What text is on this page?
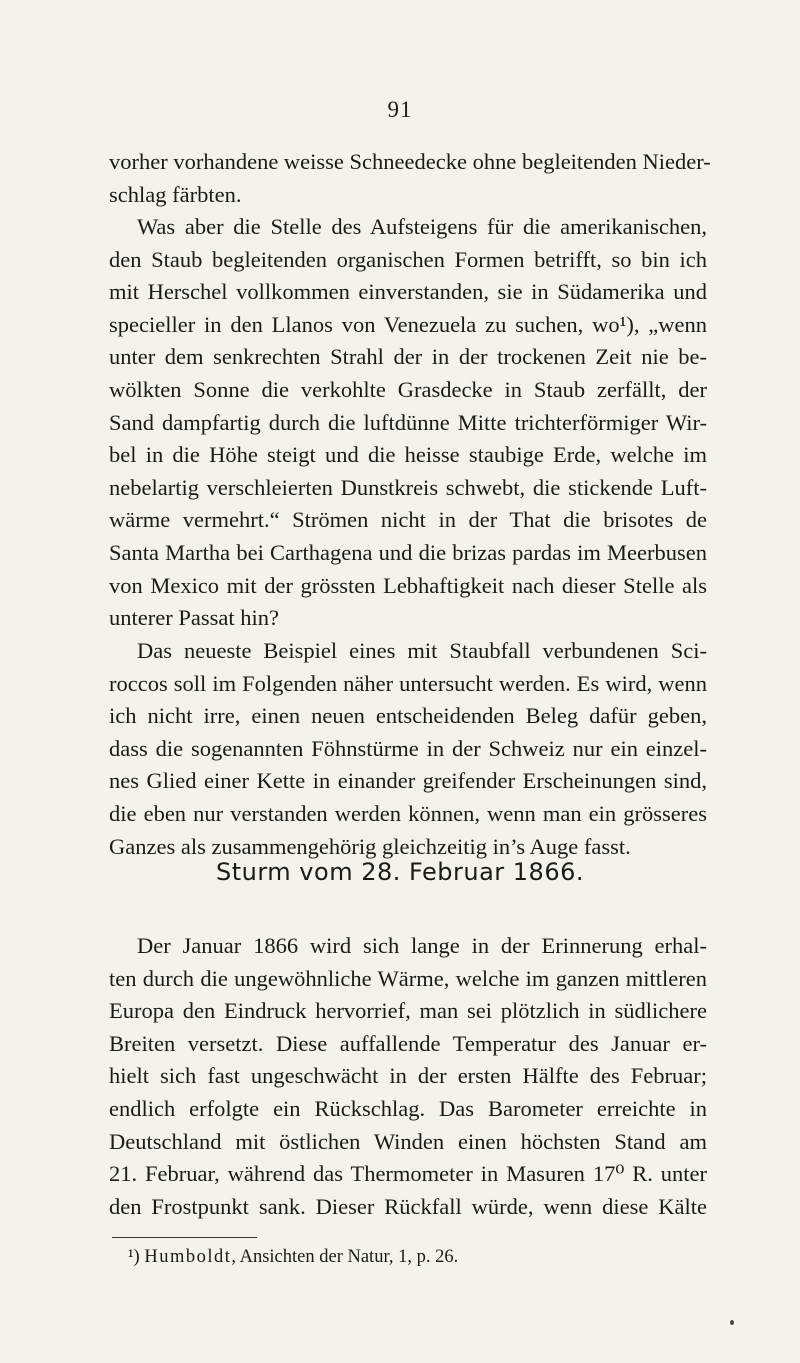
91
vorher vorhandene weisse Schneedecke ohne begleitenden Nieder-
schlag färbten.
Was aber die Stelle des Aufsteigens für die amerikanischen,
den Staub begleitenden organischen Formen betrifft, so bin ich
mit Herschel vollkommen einverstanden, sie in Südamerika und
specieller in den Llanos von Venezuela zu suchen, wo¹), „wenn
unter dem senkrechten Strahl der in der trockenen Zeit nie be-
wölkten Sonne die verkohlte Grasdecke in Staub zerfällt, der
Sand dampfartig durch die luftdünne Mitte trichterförmiger Wir-
bel in die Höhe steigt und die heisse staubige Erde, welche im
nebelartig verschleierten Dunstkreis schwebt, die stickende Luft-
wärme vermehrt.“ Strömen nicht in der That die brisotes de
Santa Martha bei Carthagena und die brizas pardas im Meerbusen
von Mexico mit der grössten Lebhaftigkeit nach dieser Stelle als
unterer Passat hin?
Das neueste Beispiel eines mit Staubfall verbundenen Sci-
roccos soll im Folgenden näher untersucht werden. Es wird, wenn
ich nicht irre, einen neuen entscheidenden Beleg dafür geben,
dass die sogenannten Föhnstürme in der Schweiz nur ein einzel-
nes Glied einer Kette in einander greifender Erscheinungen sind,
die eben nur verstanden werden können, wenn man ein grösseres
Ganzes als zusammengehörig gleichzeitig in’s Auge fasst.
Sturm vom 28. Februar 1866.
Der Januar 1866 wird sich lange in der Erinnerung erhal-
ten durch die ungewöhnliche Wärme, welche im ganzen mittleren
Europa den Eindruck hervorrief, man sei plötzlich in südlichere
Breiten versetzt. Diese auffallende Temperatur des Januar er-
hielt sich fast ungeschwächt in der ersten Hälfte des Februar;
endlich erfolgte ein Rückschlag. Das Barometer erreichte in
Deutschland mit östlichen Winden einen höchsten Stand am
21. Februar, während das Thermometer in Masuren 17⁰ R. unter
den Frostpunkt sank. Dieser Rückfall würde, wenn diese Kälte
¹) Humboldt, Ansichten der Natur, 1, p. 26.
